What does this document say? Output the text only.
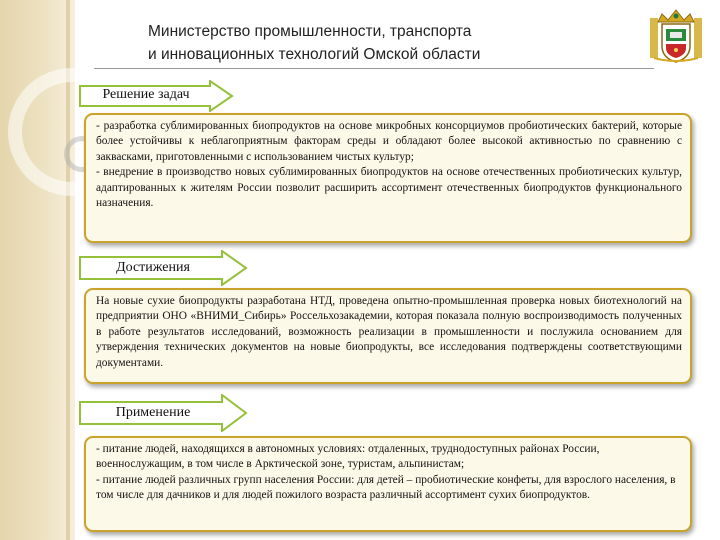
Министерство промышленности, транспорта
и инновационных технологий Омской области
Решение задач

- разработка сублимированных биопродуктов на основе микробных консорциумов пробиотических бактерий, которые более устойчивы к неблагоприятным факторам среды и обладают более высокой активностью по сравнению с заквасками, приготовленными с использованием чистых культур;

- внедрение в производство новых сублимированных биопродуктов на основе отечественных пробиотических культур, адаптированных к жителям России позволит расширить ассортимент отечественных биопродуктов функционального назначения.

Достижения

На новые сухие биопродукты разработана НТД, проведена опытно-промышленная проверка новых биотехнологий на предприятии ОНО «ВНИМИ_Сибирь» Россельхозакадемии, которая показала полную воспроизводимость полученных в работе результатов исследований, возможность реализации в промышленности и послужила основанием для утверждения технических документов на новые биопродукты, все исследования подтверждены соответствующими документами.

Применение

- питание людей, находящихся в автономных условиях: отдаленных, труднодоступных районах России, военнослужащим, в том числе в Арктической зоне, туристам, альпинистам;

- питание людей различных групп населения России: для детей – пробиотические конфеты, для взрослого населения, в том числе для дачников и для людей пожилого возраста различный ассортимент сухих биопродуктов.
